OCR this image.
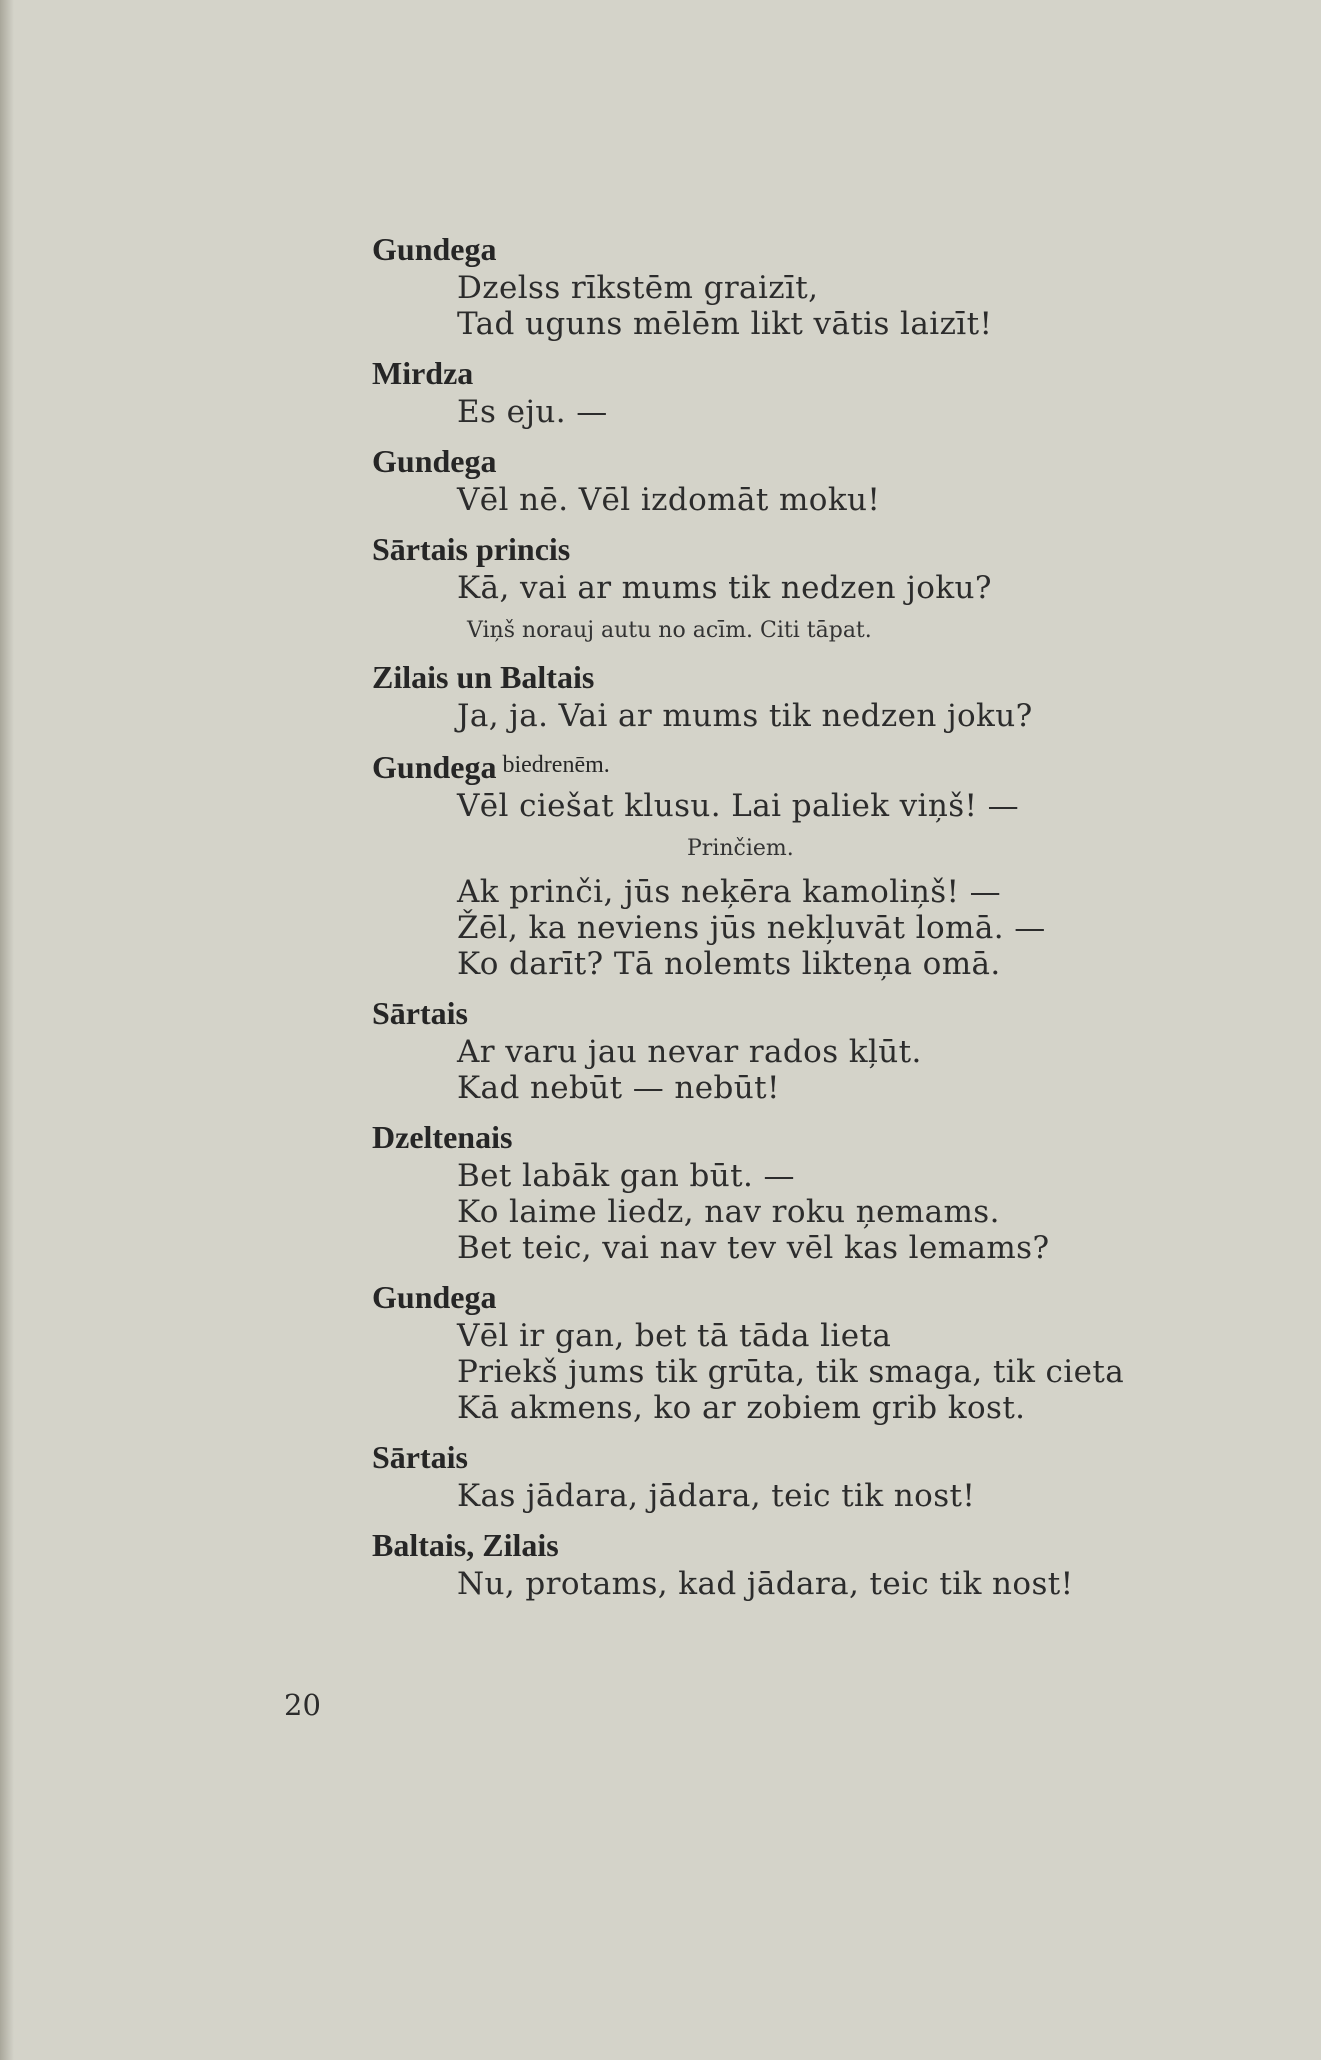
Gundega
Dzelss rīkstēm graizīt,
Tad uguns mēlēm likt vātis laizīt!
Mirdza
Es eju. —
Gundega
Vēl nē. Vēl izdomāt moku!
Sārtais princis
Kā, vai ar mums tik nedzen joku?
Viņš norauj autu no acīm. Citi tāpat.
Zilais un Baltais
Ja, ja. Vai ar mums tik nedzen joku?
Gundega biedrenēm.
Vēl ciešat klusu. Lai paliek viņš! —
Prinčiem.
Ak prinči, jūs neķēra kamoliņš! —
Žēl, ka neviens jūs nekļuvāt lomā. —
Ko darīt? Tā nolemts likteņa omā.
Sārtais
Ar varu jau nevar rados kļūt.
Kad nebūt — nebūt!
Dzeltenais
Bet labāk gan būt. —
Ko laime liedz, nav roku ņemams.
Bet teic, vai nav tev vēl kas lemams?
Gundega
Vēl ir gan, bet tā tāda lieta
Priekš jums tik grūta, tik smaga, tik cieta
Kā akmens, ko ar zobiem grib kost.
Sārtais
Kas jādara, jādara, teic tik nost!
Baltais, Zilais
Nu, protams, kad jādara, teic tik nost!
20
